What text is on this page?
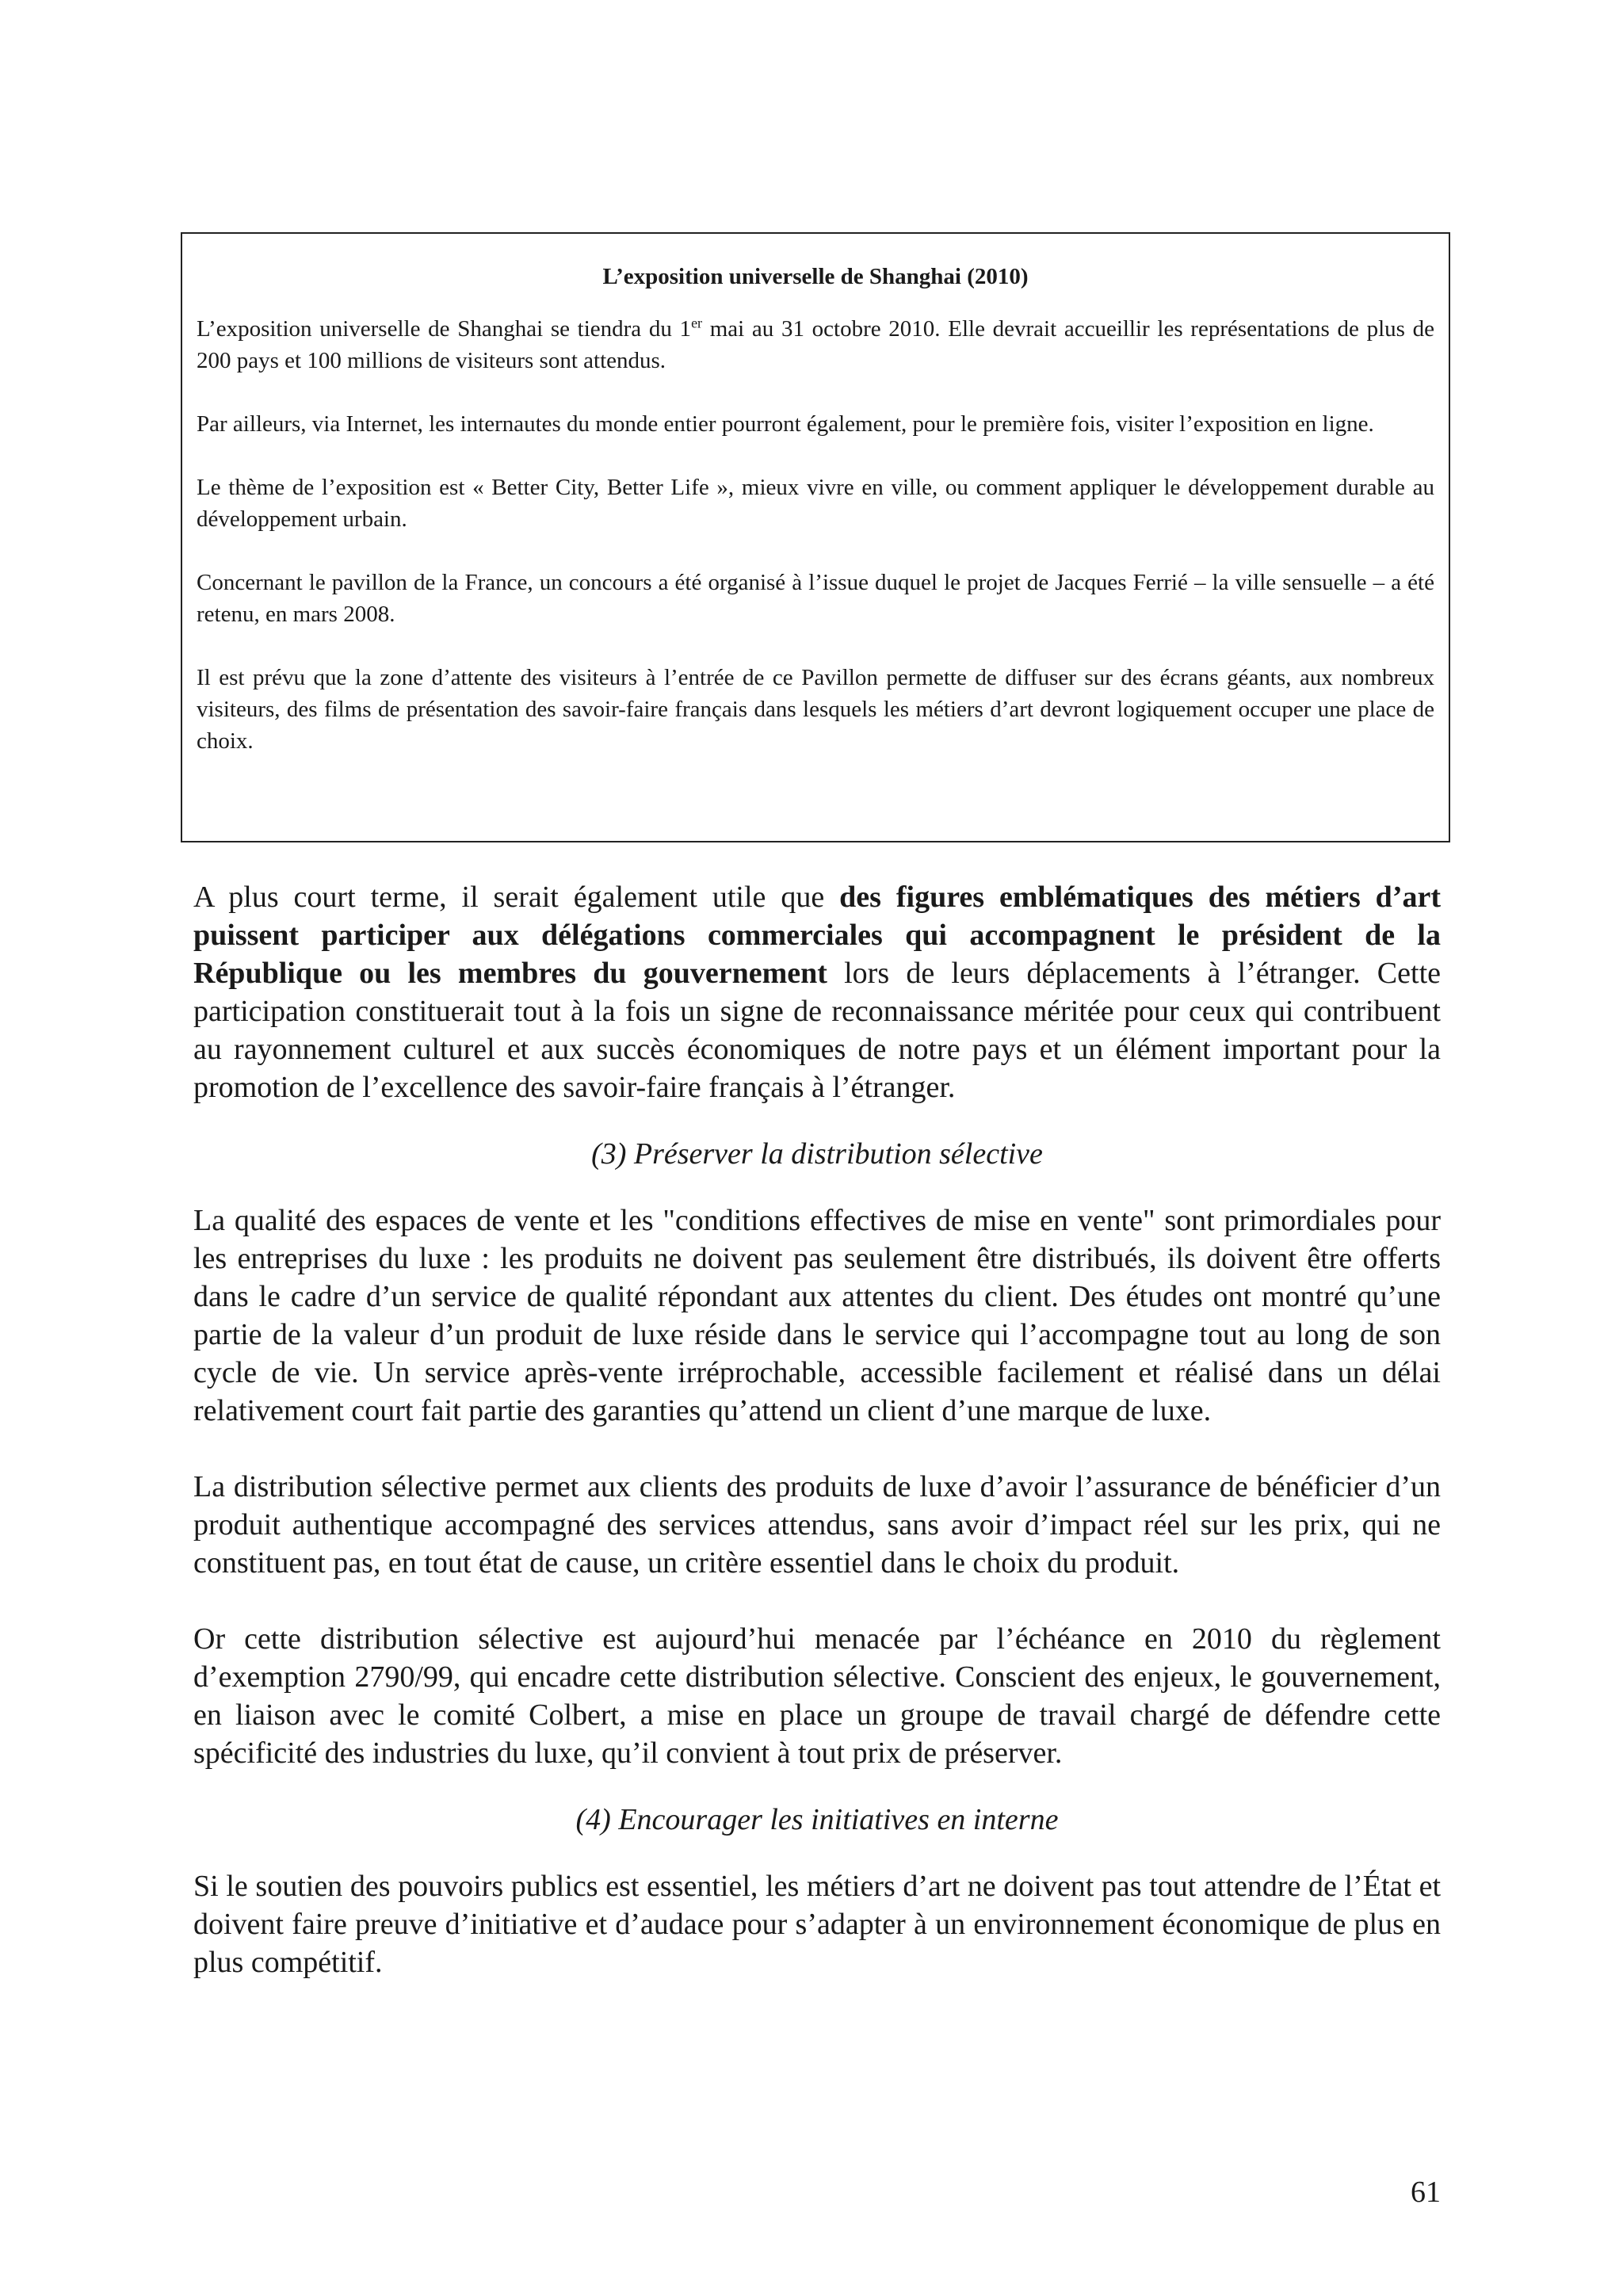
L’exposition universelle de Shanghai (2010)

L’exposition universelle de Shanghai se tiendra du 1er mai au 31 octobre 2010. Elle devrait accueillir les représentations de plus de 200 pays et 100 millions de visiteurs sont attendus.

Par ailleurs, via Internet, les internautes du monde entier pourront également, pour le première fois, visiter l’exposition en ligne.

Le thème de l’exposition est « Better City, Better Life », mieux vivre en ville, ou comment appliquer le développement durable au développement urbain.

Concernant le pavillon de la France, un concours a été organisé à l’issue duquel le projet de Jacques Ferrié – la ville sensuelle – a été retenu, en mars 2008.

Il est prévu que la zone d’attente des visiteurs à l’entrée de ce Pavillon permette de diffuser sur des écrans géants, aux nombreux visiteurs, des films de présentation des savoir-faire français dans lesquels les métiers d’art devront logiquement occuper une place de choix.

A plus court terme, il serait également utile que des figures emblématiques des métiers d’art puissent participer aux délégations commerciales qui accompagnent le président de la République ou les membres du gouvernement lors de leurs déplacements à l’étranger. Cette participation constituerait tout à la fois un signe de reconnaissance méritée pour ceux qui contribuent au rayonnement culturel et aux succès économiques de notre pays et un élément important pour la promotion de l’excellence des savoir-faire français à l’étranger.

(3) Préserver la distribution sélective

La qualité des espaces de vente et les "conditions effectives de mise en vente" sont primordiales pour les entreprises du luxe : les produits ne doivent pas seulement être distribués, ils doivent être offerts dans le cadre d’un service de qualité répondant aux attentes du client. Des études ont montré qu’une partie de la valeur d’un produit de luxe réside dans le service qui l’accompagne tout au long de son cycle de vie. Un service après-vente irréprochable, accessible facilement et réalisé dans un délai relativement court fait partie des garanties qu’attend un client d’une marque de luxe.

La distribution sélective permet aux clients des produits de luxe d’avoir l’assurance de bénéficier d’un produit authentique accompagné des services attendus, sans avoir d’impact réel sur les prix, qui ne constituent pas, en tout état de cause, un critère essentiel dans le choix du produit.

Or cette distribution sélective est aujourd’hui menacée par l’échéance en 2010 du règlement d’exemption 2790/99, qui encadre cette distribution sélective. Conscient des enjeux, le gouvernement, en liaison avec le comité Colbert, a mise en place un groupe de travail chargé de défendre cette spécificité des industries du luxe, qu’il convient à tout prix de préserver.

(4) Encourager les initiatives en interne

Si le soutien des pouvoirs publics est essentiel, les métiers d’art ne doivent pas tout attendre de l’État et doivent faire preuve d’initiative et d’audace pour s’adapter à un environnement économique de plus en plus compétitif.

61
